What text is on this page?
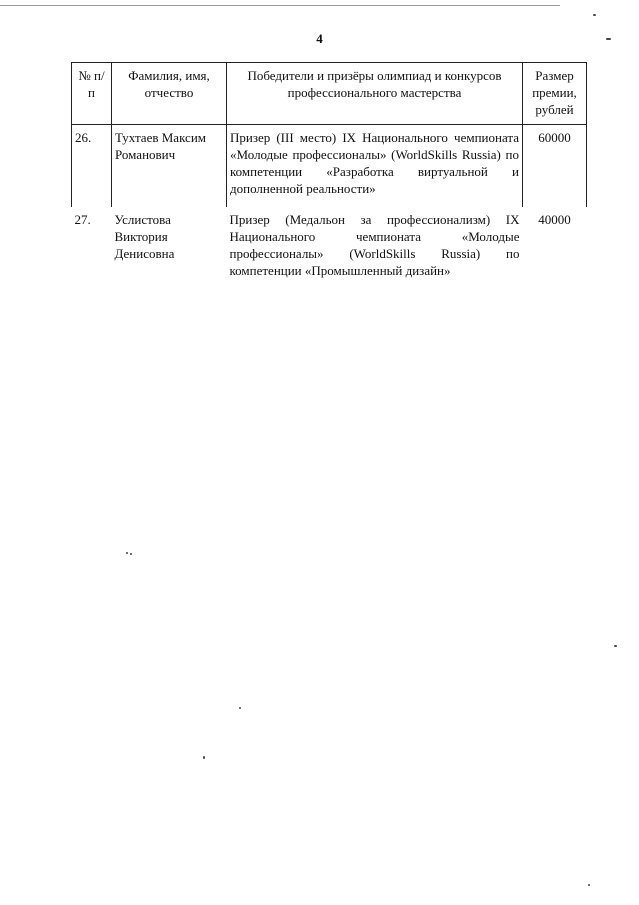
4
№ п/п	Фамилия, имя, отчество	Победители и призёры олимпиад и конкурсов профессионального мастерства	Размер премии, рублей
26.	Тухтаев Максим Романович	Призер (III место) IX Национального чемпионата «Молодые профессионалы» (WorldSkills Russia) по компетенции «Разработка виртуальной и дополненной реальности»	60000
27.	Услистова Виктория Денисовна	Призер (Медальон за профессионализм) IX Национального чемпионата «Молодые профессионалы» (WorldSkills Russia) по компетенции «Промышленный дизайн»	40000
